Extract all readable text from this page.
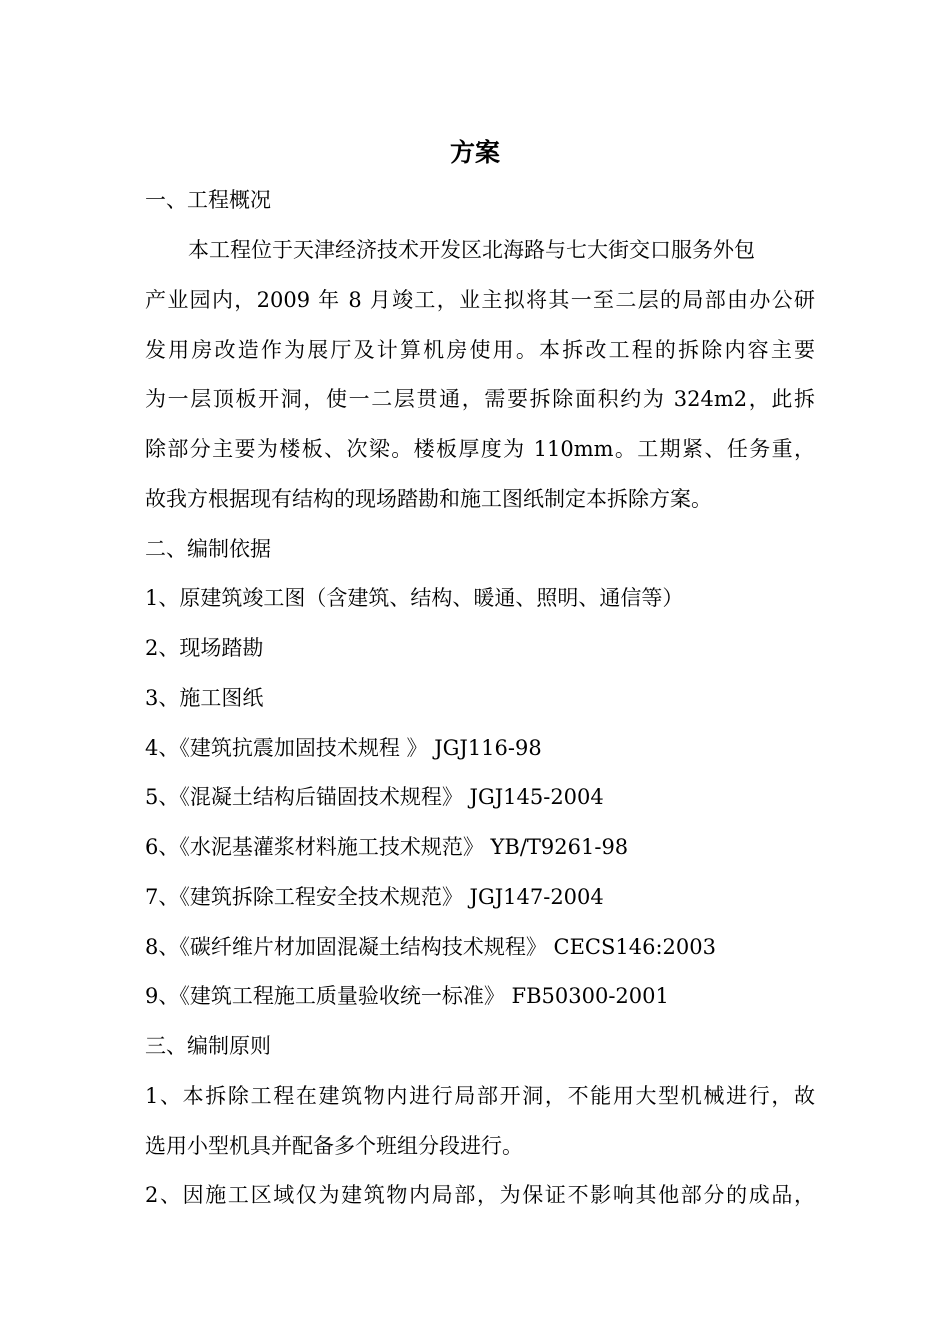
方案

一、工程概况

本工程位于天津经济技术开发区北海路与七大街交口服务外包

产业园内，2009 年 8 月竣工，业主拟将其一至二层的局部由办公研

发用房改造作为展厅及计算机房使用。本拆改工程的拆除内容主要

为一层顶板开洞，使一二层贯通，需要拆除面积约为 324m2，此拆

除部分主要为楼板、次梁。楼板厚度为 110mm。工期紧、任务重，

故我方根据现有结构的现场踏勘和施工图纸制定本拆除方案。

二、编制依据

1、原建筑竣工图（含建筑、结构、暖通、照明、通信等）

2、现场踏勘

3、施工图纸

4、《建筑抗震加固技术规程 》 JGJ116-98

5、《混凝土结构后锚固技术规程》 JGJ145-2004

6、《水泥基灌浆材料施工技术规范》 YB/T9261-98

7、《建筑拆除工程安全技术规范》 JGJ147-2004

8、《碳纤维片材加固混凝土结构技术规程》 CECS146:2003

9、《建筑工程施工质量验收统一标准》 FB50300-2001

三、编制原则

1、本拆除工程在建筑物内进行局部开洞，不能用大型机械进行，故

选用小型机具并配备多个班组分段进行。

2、因施工区域仅为建筑物内局部，为保证不影响其他部分的成品，
